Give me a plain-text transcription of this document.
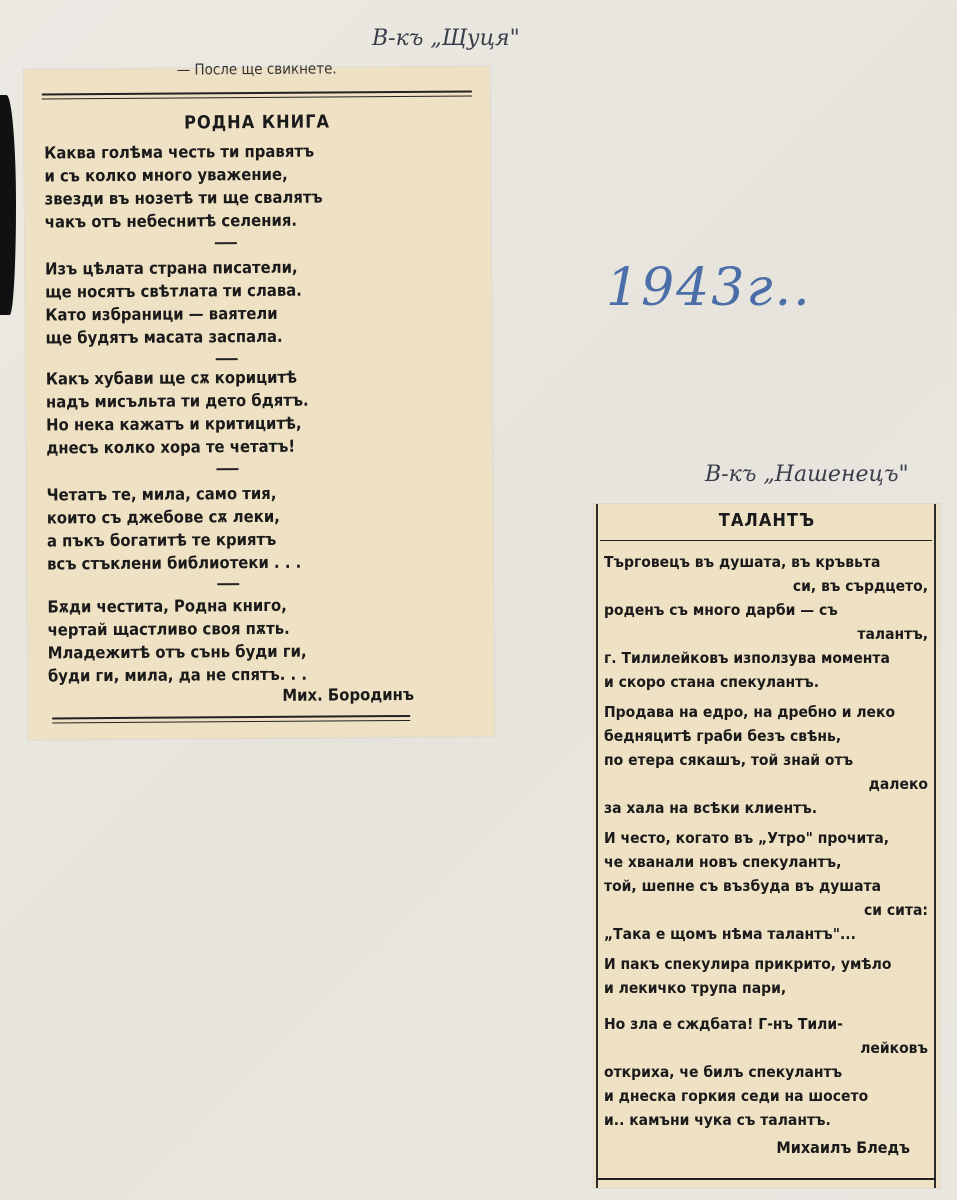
В-къ „Щуця"
1943г..
В-къ „Нашенецъ"
— После ще свикнете.
РОДНА КНИГА
Каква голѣма честь ти правятъ
и съ колко много уважение,
звезди въ нозетѣ ти ще свалятъ
чакъ отъ небеснитѣ селения.
Изъ цѣлата страна писатели,
ще носятъ свѣтлата ти слава.
Като избраници — ваятели
ще будятъ масата заспала.
Какъ хубави ще сѫ корицитѣ
надъ мисъльта ти дето бдятъ.
Но нека кажатъ и критицитѣ,
днесъ колко хора те четатъ!
Четатъ те, мила, само тия,
които съ джебове сѫ леки,
а пъкъ богатитѣ те криятъ
всъ стъклени библиотеки . . .
Бѫди честита, Родна книго,
чертай щастливо своя пѫть.
Младежитѣ отъ сънь буди ги,
буди ги, мила, да не спятъ. . .
Мих. Бородинъ
ТАЛАНТЪ
Търговецъ въ душата, въ кръвьта
си, въ сърдцето,
роденъ съ много дарби — съ
талантъ,
г. Тилилейковъ използува момента
и скоро стана спекулантъ.
Продава на едро, на дребно и леко
бедняцитѣ граби безъ свѣнь,
по етера сякашъ, той знай отъ
далеко
за хала на всѣки клиентъ.
И често, когато въ „Утро" прочита,
че хванали новъ спекулантъ,
той, шепне съ възбуда въ душата
си сита:
„Така е щомъ нѣма талантъ"...
И пакъ спекулира прикрито, умѣло
и лекичко трупа пари,
Но зла е сждбата! Г-нъ Тили-
лейковъ
откриха, че билъ спекулантъ
и днеска горкия седи на шосето
и.. камъни чука съ талантъ.
Михаилъ Бледъ
